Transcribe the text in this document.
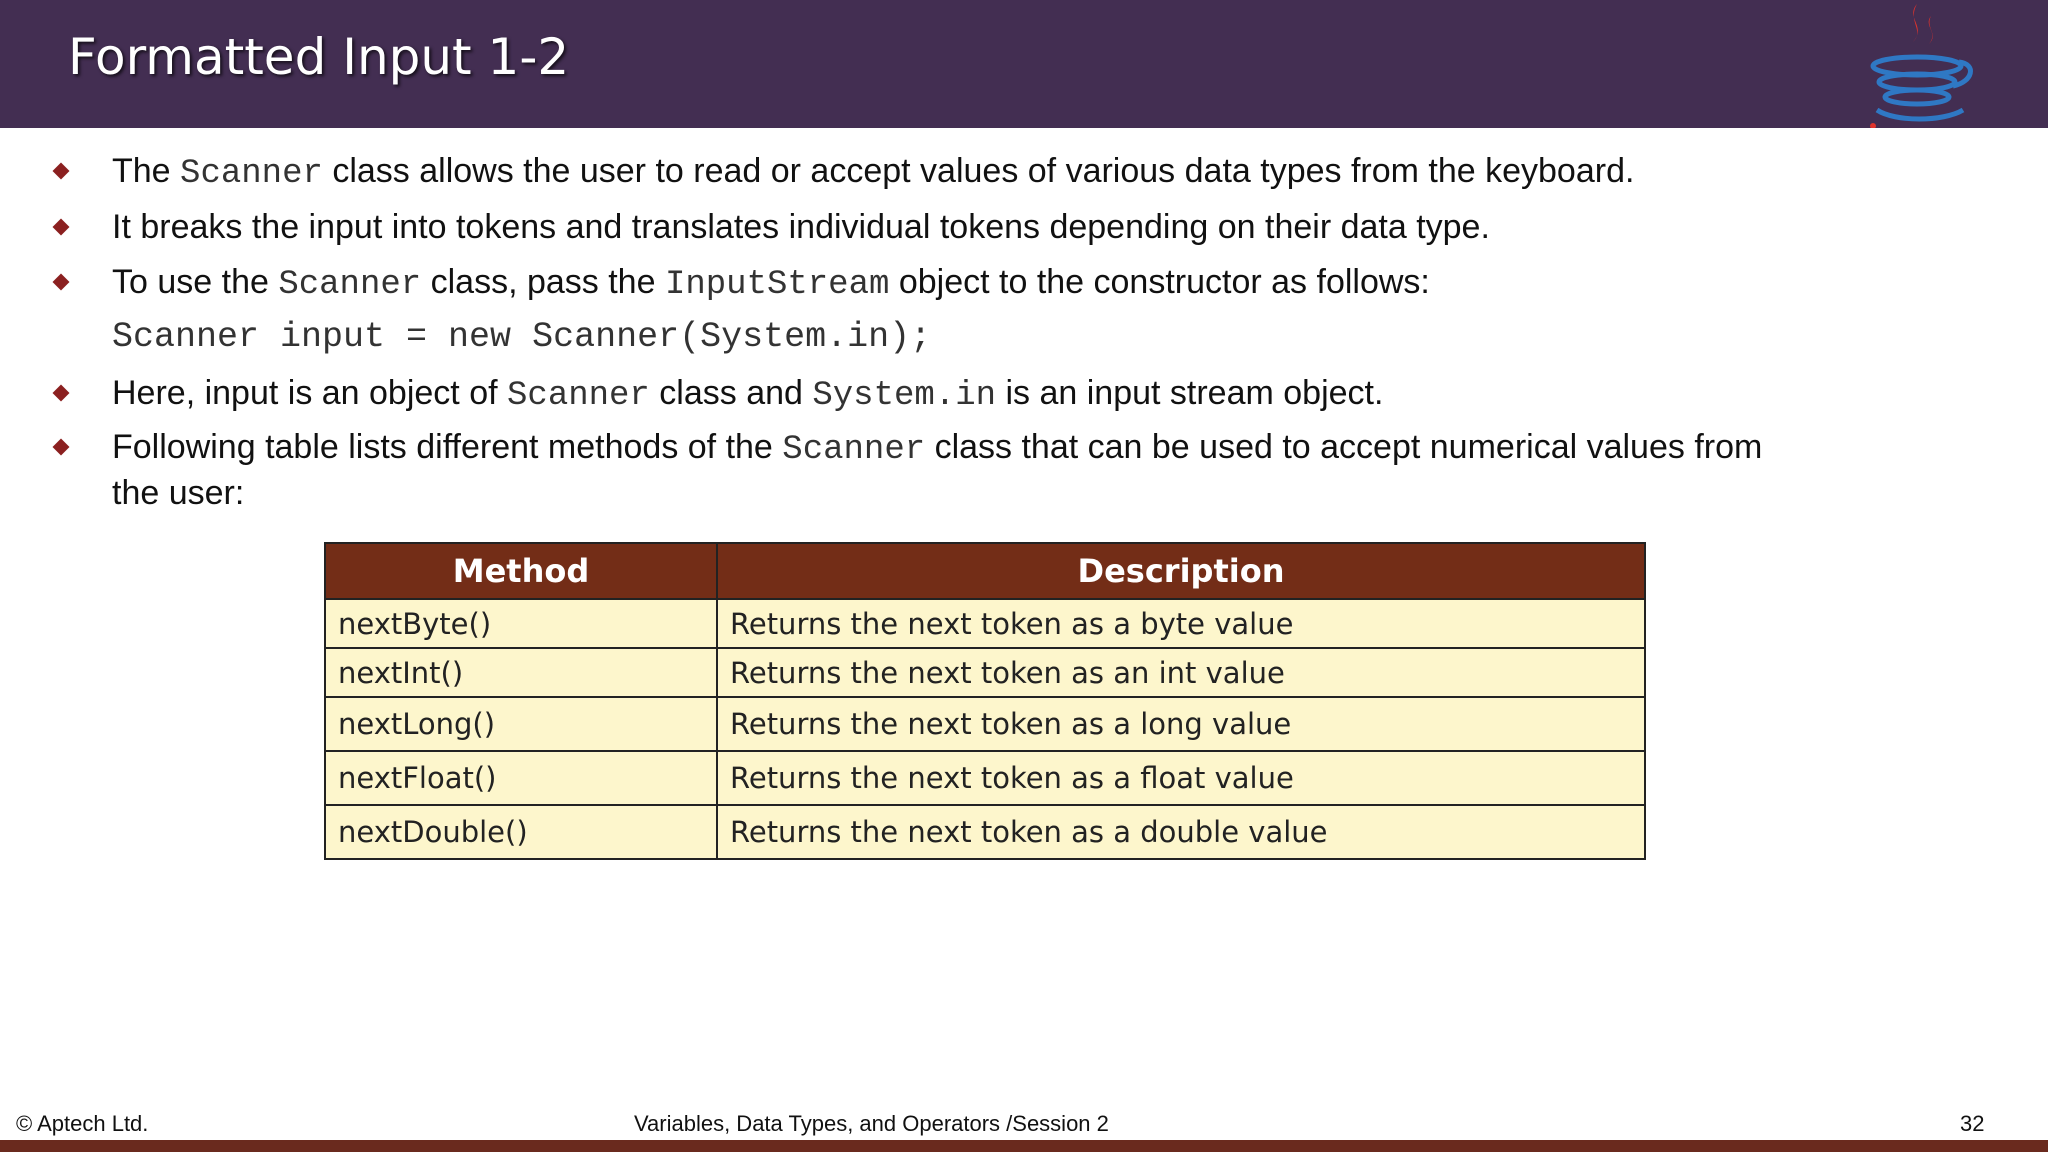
Formatted Input 1-2
The Scanner class allows the user to read or accept values of various data types from the keyboard.
It breaks the input into tokens and translates individual tokens depending on their data type.
To use the Scanner class, pass the InputStream object to the constructor as follows:
Here, input is an object of Scanner class and System.in is an input stream object.
Following table lists different methods of the Scanner class that can be used to accept numerical values from
the user:
Scanner input = new Scanner(System.in);
Method	Description
nextByte()	Returns the next token as a byte value
nextInt()	Returns the next token as an int value
nextLong()	Returns the next token as a long value
nextFloat()	Returns the next token as a float value
nextDouble()	Returns the next token as a double value
© Aptech Ltd.	Variables, Data Types, and Operators /Session 2	32
